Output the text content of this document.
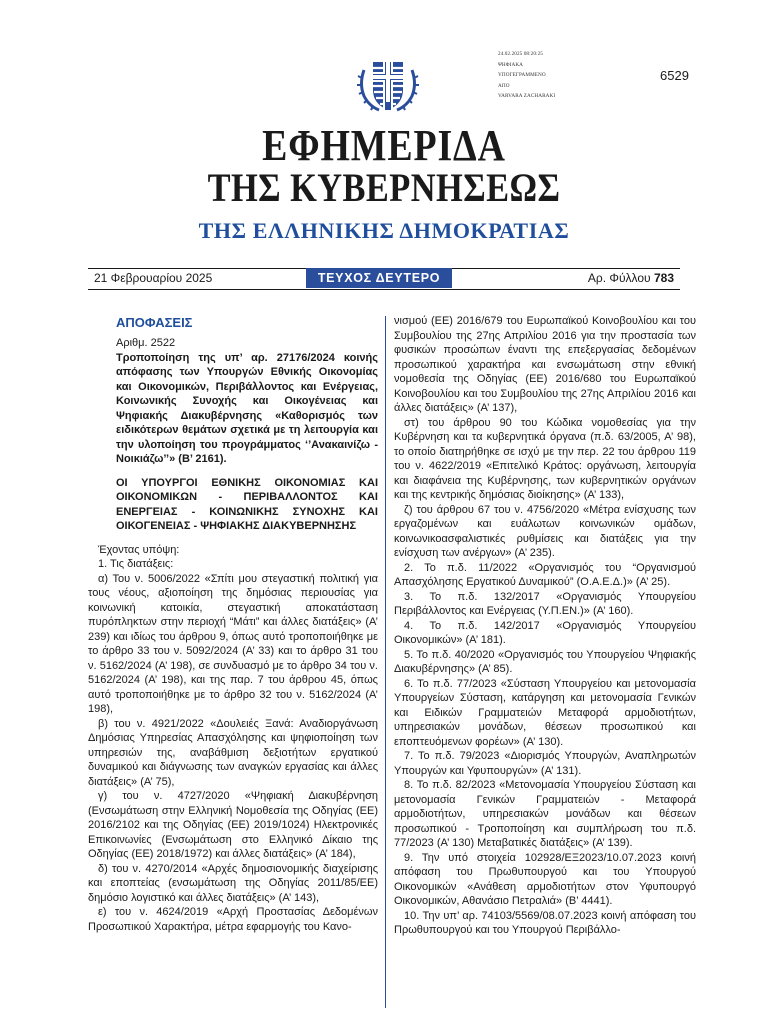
24.02.2025 08:20:25
ΨΗΦΙΑΚΑ
ΥΠΟΓΕΓΡΑΜΜΕΝΟ
ΑΠΟ
VARVARA ZACHARAKI
6529
ΕΦΗΜΕΡΙΔΑ
ΤΗΣ ΚΥΒΕΡΝΗΣΕΩΣ
ΤΗΣ ΕΛΛΗΝΙΚΗΣ ΔΗΜΟΚΡΑΤΙΑΣ
21 Φεβρουαρίου 2025	ΤΕΥΧΟΣ ΔΕΥΤΕΡΟ	Αρ. Φύλλου 783

ΑΠΟΦΑΣΕΙΣ

Αριθμ. 2522

Τροποποίηση της υπ’ αρ. 27176/2024 κοινής απόφασης των Υπουργών Εθνικής Οικονομίας και Οικονομικών, Περιβάλλοντος και Ενέργειας, Κοινωνικής Συνοχής και Οικογένειας και Ψηφιακής Διακυβέρνησης «Καθορισμός των ειδικότερων θεμάτων σχετικά με τη λειτουργία και την υλοποίηση του προγράμματος ‘’Ανακαινίζω - Νοικιάζω’’» (Β’ 2161).

ΟΙ ΥΠΟΥΡΓΟΙ ΕΘΝΙΚΗΣ ΟΙΚΟΝΟΜΙΑΣ ΚΑΙ ΟΙΚΟΝΟΜΙΚΩΝ - ΠΕΡΙΒΑΛΛΟΝΤΟΣ ΚΑΙ ΕΝΕΡΓΕΙΑΣ - ΚΟΙΝΩΝΙΚΗΣ ΣΥΝΟΧΗΣ ΚΑΙ ΟΙΚΟΓΕΝΕΙΑΣ - ΨΗΦΙΑΚΗΣ ΔΙΑΚΥΒΕΡΝΗΣΗΣ

Έχοντας υπόψη:

1. Τις διατάξεις:

α) Του ν. 5006/2022 «Σπίτι μου στεγαστική πολιτική για τους νέους, αξιοποίηση της δημόσιας περιουσίας για κοινωνική κατοικία, στεγαστική αποκατάσταση πυρόπληκτων στην περιοχή “Μάτι” και άλλες διατάξεις» (Α’ 239) και ιδίως του άρθρου 9, όπως αυτό τροποποιήθηκε με το άρθρο 33 του ν. 5092/2024 (Α’ 33) και το άρθρο 31 του ν. 5162/2024 (Α’ 198), σε συνδυασμό με το άρθρο 34 του ν. 5162/2024 (Α’ 198), και της παρ. 7 του άρθρου 45, όπως αυτό τροποποιήθηκε με το άρθρο 32 του ν. 5162/2024 (Α’ 198),

β) του ν. 4921/2022 «Δουλειές Ξανά: Αναδιοργάνωση Δημόσιας Υπηρεσίας Απασχόλησης και ψηφιοποίηση των υπηρεσιών της, αναβάθμιση δεξιοτήτων εργατικού δυναμικού και διάγνωσης των αναγκών εργασίας και άλλες διατάξεις» (Α’ 75),

γ) του ν. 4727/2020 «Ψηφιακή Διακυβέρνηση (Ενσωμάτωση στην Ελληνική Νομοθεσία της Οδηγίας (ΕΕ) 2016/2102 και της Οδηγίας (ΕΕ) 2019/1024) Ηλεκτρονικές Επικοινωνίες (Ενσωμάτωση στο Ελληνικό Δίκαιο της Οδηγίας (ΕΕ) 2018/1972) και άλλες διατάξεις» (Α’ 184),

δ) του ν. 4270/2014 «Αρχές δημοσιονομικής διαχείρισης και εποπτείας (ενσωμάτωση της Οδηγίας 2011/85/ΕΕ) δημόσιο λογιστικό και άλλες διατάξεις» (Α’ 143),

ε) του ν. 4624/2019 «Αρχή Προστασίας Δεδομένων Προσωπικού Χαρακτήρα, μέτρα εφαρμογής του Κανο-

νισμού (ΕΕ) 2016/679 του Ευρωπαϊκού Κοινοβουλίου και του Συμβουλίου της 27ης Απριλίου 2016 για την προστασία των φυσικών προσώπων έναντι της επεξεργασίας δεδομένων προσωπικού χαρακτήρα και ενσωμάτωση στην εθνική νομοθεσία της Οδηγίας (ΕΕ) 2016/680 του Ευρωπαϊκού Κοινοβουλίου και του Συμβουλίου της 27ης Απριλίου 2016 και άλλες διατάξεις» (Α’ 137),

στ) του άρθρου 90 του Κώδικα νομοθεσίας για την Κυβέρνηση και τα κυβερνητικά όργανα (π.δ. 63/2005, Α’ 98), το οποίο διατηρήθηκε σε ισχύ με την περ. 22 του άρθρου 119 του ν. 4622/2019 «Επιτελικό Κράτος: οργάνωση, λειτουργία και διαφάνεια της Κυβέρνησης, των κυβερνητικών οργάνων και της κεντρικής δημόσιας διοίκησης» (Α’ 133),

ζ) του άρθρου 67 του ν. 4756/2020 «Μέτρα ενίσχυσης των εργαζομένων και ευάλωτων κοινωνικών ομάδων, κοινωνικοασφαλιστικές ρυθμίσεις και διατάξεις για την ενίσχυση των ανέργων» (Α’ 235).

2. Το π.δ. 11/2022 «Οργανισμός του “Οργανισμού Απασχόλησης Εργατικού Δυναμικού” (Ο.Α.Ε.Δ.)» (Α’ 25).

3. Το π.δ. 132/2017 «Οργανισμός Υπουργείου Περιβάλλοντος και Ενέργειας (Υ.Π.ΕΝ.)» (Α’ 160).

4. Το π.δ. 142/2017 «Οργανισμός Υπουργείου Οικονομικών» (Α’ 181).

5. Το π.δ. 40/2020 «Οργανισμός του Υπουργείου Ψηφιακής Διακυβέρνησης» (Α’ 85).

6. Το π.δ. 77/2023 «Σύσταση Υπουργείου και μετονομασία Υπουργείων Σύσταση, κατάργηση και μετονομασία Γενικών και Ειδικών Γραμματειών Μεταφορά αρμοδιοτήτων, υπηρεσιακών μονάδων, θέσεων προσωπικού και εποπτευόμενων φορέων» (Α’ 130).

7. Το π.δ. 79/2023 «Διορισμός Υπουργών, Αναπληρωτών Υπουργών και Υφυπουργών» (Α’ 131).

8. Το π.δ. 82/2023 «Μετονομασία Υπουργείου Σύσταση και μετονομασία Γενικών Γραμματειών - Μεταφορά αρμοδιοτήτων, υπηρεσιακών μονάδων και θέσεων προσωπικού - Τροποποίηση και συμπλήρωση του π.δ. 77/2023 (Α’ 130) Μεταβατικές διατάξεις» (Α’ 139).

9. Την υπό στοιχεία 102928/ΕΞ2023/10.07.2023 κοινή απόφαση του Πρωθυπουργού και του Υπουργού Οικονομικών «Ανάθεση αρμοδιοτήτων στον Υφυπουργό Οικονομικών, Αθανάσιο Πετραλιά» (Β’ 4441).

10. Την υπ’ αρ. 74103/5569/08.07.2023 κοινή απόφαση του Πρωθυπουργού και του Υπουργού Περιβάλλο-
